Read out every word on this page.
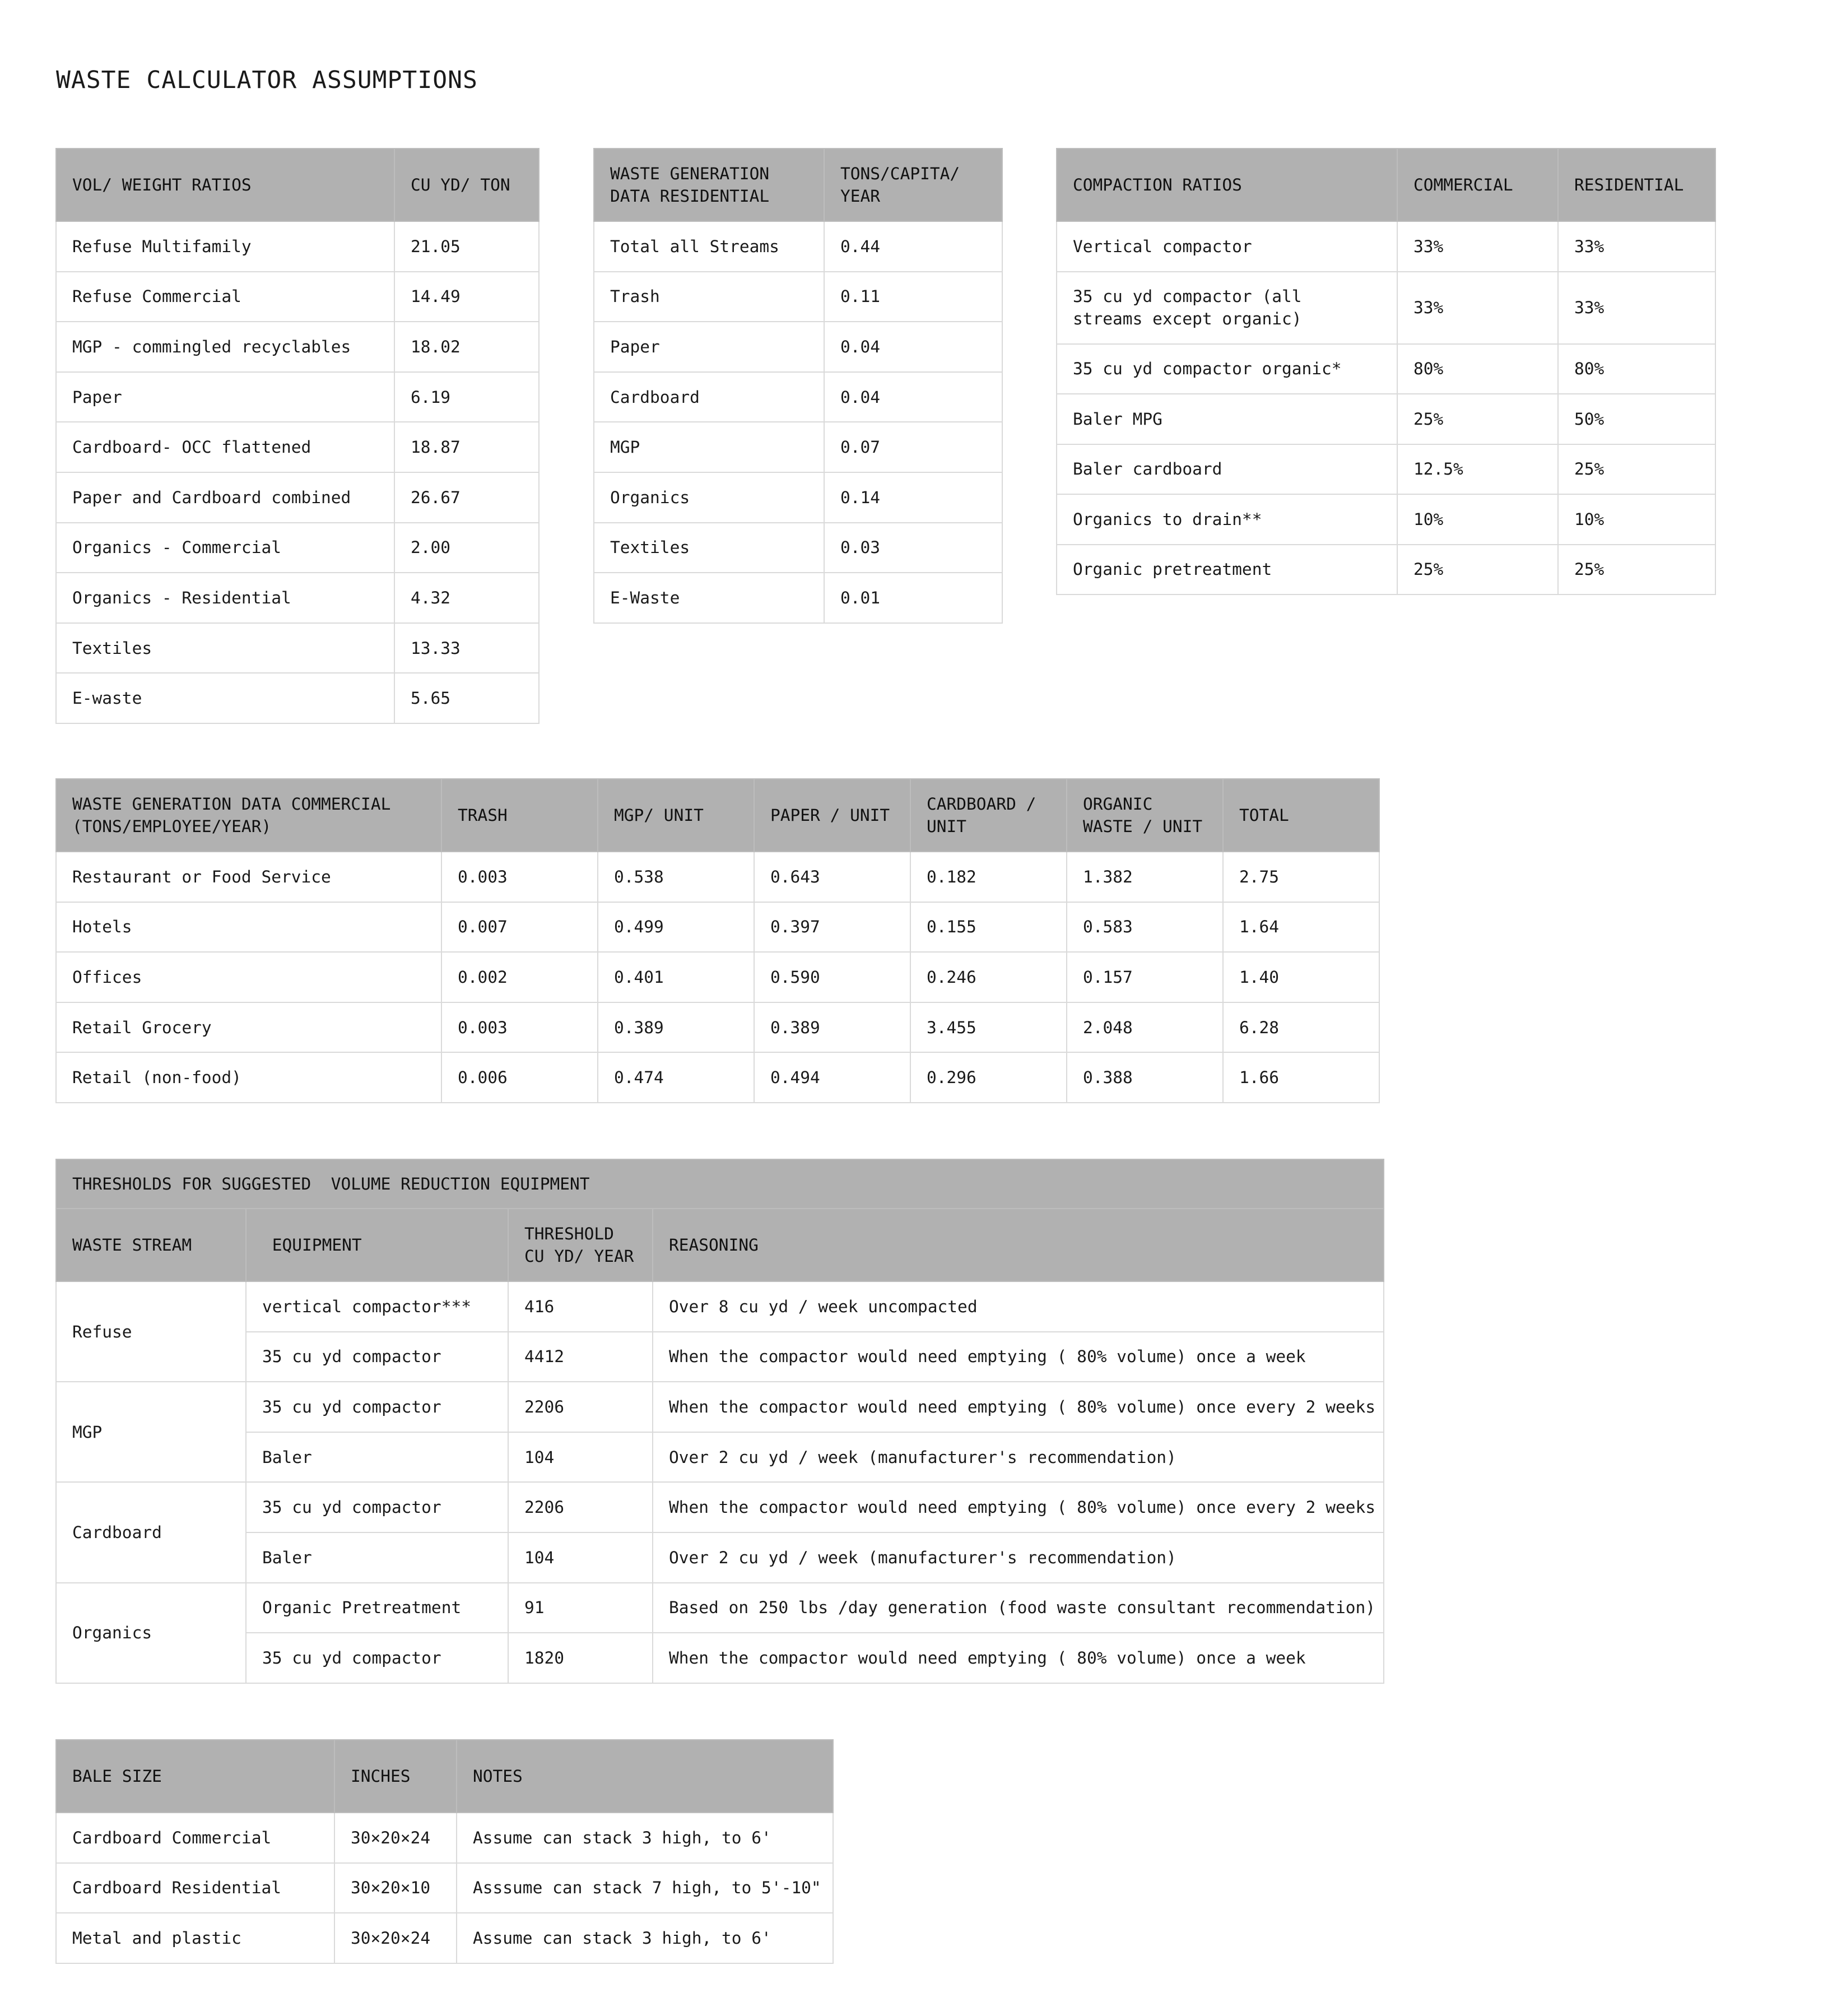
WASTE CALCULATOR ASSUMPTIONS
VOL/ WEIGHT RATIOS	CU YD/ TON
Refuse Multifamily	21.05
Refuse Commercial	14.49
MGP - commingled recyclables	18.02
Paper	6.19
Cardboard- OCC flattened	18.87
Paper and Cardboard combined	26.67
Organics - Commercial	2.00
Organics - Residential	4.32
Textiles	13.33
E-waste	5.65
WASTE GENERATION DATA RESIDENTIAL	TONS/CAPITA/ YEAR
Total all Streams	0.44
Trash	0.11
Paper	0.04
Cardboard	0.04
MGP	0.07
Organics	0.14
Textiles	0.03
E-Waste	0.01
COMPACTION RATIOS	COMMERCIAL	RESIDENTIAL
Vertical compactor	33%	33%
35 cu yd compactor (all streams except organic)	33%	33%
35 cu yd compactor organic*	80%	80%
Baler MPG	25%	50%
Baler cardboard	12.5%	25%
Organics to drain**	10%	10%
Organic pretreatment	25%	25%
WASTE GENERATION DATA COMMERCIAL (TONS/EMPLOYEE/YEAR)	TRASH	MGP/ UNIT	PAPER / UNIT	CARDBOARD / UNIT	ORGANIC WASTE / UNIT	TOTAL
Restaurant or Food Service	0.003	0.538	0.643	0.182	1.382	2.75
Hotels	0.007	0.499	0.397	0.155	0.583	1.64
Offices	0.002	0.401	0.590	0.246	0.157	1.40
Retail Grocery	0.003	0.389	0.389	3.455	2.048	6.28
Retail (non-food)	0.006	0.474	0.494	0.296	0.388	1.66
THRESHOLDS FOR SUGGESTED  VOLUME REDUCTION EQUIPMENT			
WASTE STREAM	EQUIPMENT	THRESHOLD CU YD/ YEAR	REASONING
Refuse	vertical compactor***	416	Over 8 cu yd / week uncompacted
	35 cu yd compactor	4412	When the compactor would need emptying ( 80% volume) once a week
MGP	35 cu yd compactor	2206	When the compactor would need emptying ( 80% volume) once every 2 weeks
	Baler	104	Over 2 cu yd / week (manufacturer's recommendation)
Cardboard	35 cu yd compactor	2206	When the compactor would need emptying ( 80% volume) once every 2 weeks
	Baler	104	Over 2 cu yd / week (manufacturer's recommendation)
Organics	Organic Pretreatment	91	Based on 250 lbs /day generation (food waste consultant recommendation)
	35 cu yd compactor	1820	When the compactor would need emptying ( 80% volume) once a week
BALE SIZE	INCHES	NOTES
Cardboard Commercial	30×20×24	Assume can stack 3 high, to 6'
Cardboard Residential	30×20×10	Asssume can stack 7 high, to 5'-10"
Metal and plastic	30×20×24	Assume can stack 3 high, to 6'
